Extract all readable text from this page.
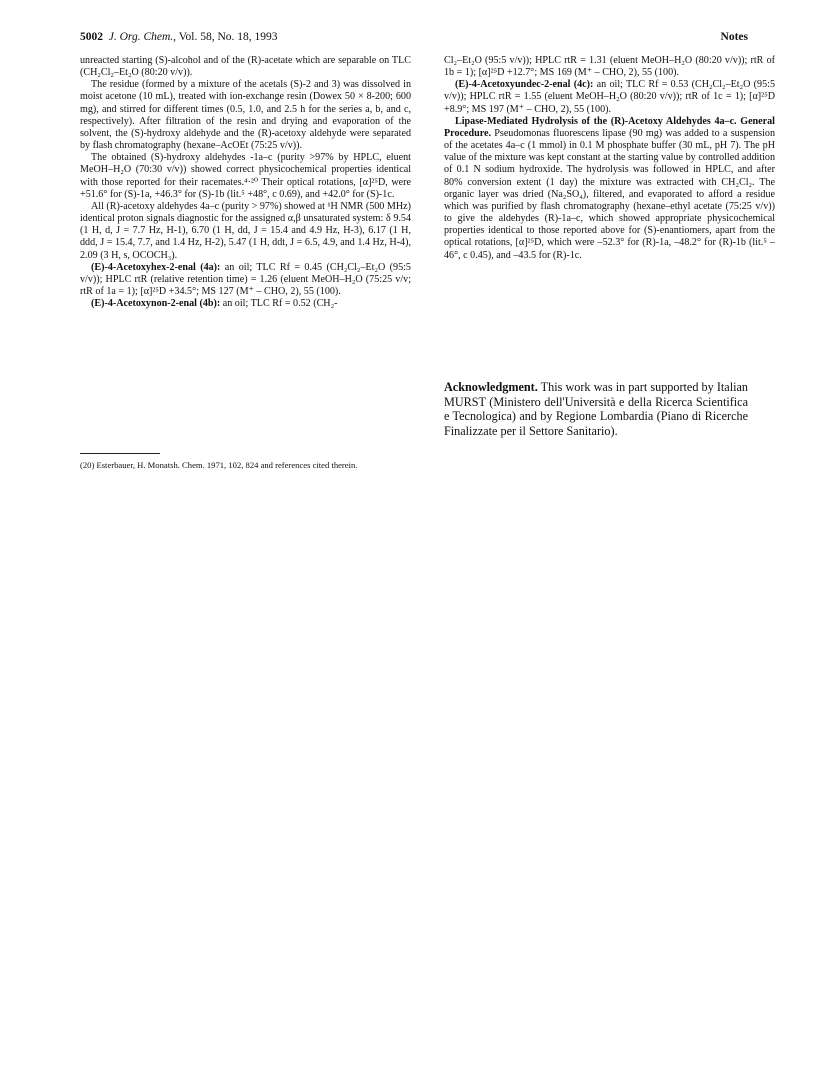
5002 J. Org. Chem., Vol. 58, No. 18, 1993	Notes

unreacted starting (S)-alcohol and of the (R)-acetate which are separable on TLC (CH₂Cl₂–Et₂O (80:20 v/v)).

The residue (formed by a mixture of the acetals (S)-2 and 3) was dissolved in moist acetone (10 mL), treated with ion-exchange resin (Dowex 50 × 8-200; 600 mg), and stirred for different times (0.5, 1.0, and 2.5 h for the series a, b, and c, respectively). After filtration of the resin and drying and evaporation of the solvent, the (S)-hydroxy aldehyde and the (R)-acetoxy aldehyde were separated by flash chromatography (hexane–AcOEt (75:25 v/v)).

The obtained (S)-hydroxy aldehydes -1a–c (purity >97% by HPLC, eluent MeOH–H₂O (70:30 v/v)) showed correct physicochemical properties identical with those reported for their racemates.⁴·²⁰ Their optical rotations, [α]²⁵D, were +51.6° for (S)-1a, +46.3° for (S)-1b (lit.⁵ +48°, c 0.69), and +42.0° for (S)-1c.

All (R)-acetoxy aldehydes 4a–c (purity > 97%) showed at ¹H NMR (500 MHz) identical proton signals diagnostic for the assigned α,β unsaturated system: δ 9.54 (1 H, d, J = 7.7 Hz, H-1), 6.70 (1 H, dd, J = 15.4 and 4.9 Hz, H-3), 6.17 (1 H, ddd, J = 15.4, 7.7, and 1.4 Hz, H-2), 5.47 (1 H, ddt, J = 6.5, 4.9, and 1.4 Hz, H-4), 2.09 (3 H, s, OCOCH₃).

(E)-4-Acetoxyhex-2-enal (4a): an oil; TLC Rf = 0.45 (CH₂Cl₂–Et₂O (95:5 v/v)); HPLC rtR (relative retention time) = 1.26 (eluent MeOH–H₂O (75:25 v/v; rtR of 1a = 1); [α]²⁵D +34.5°; MS 127 (M⁺ – CHO, 2), 55 (100).

(E)-4-Acetoxynon-2-enal (4b): an oil; TLC Rf = 0.52 (CH₂-

(20) Esterbauer, H. Monatsh. Chem. 1971, 102, 824 and references cited therein.

Cl₂–Et₂O (95:5 v/v)); HPLC rtR = 1.31 (eluent MeOH–H₂O (80:20 v/v)); rtR of 1b = 1); [α]²⁵D +12.7°; MS 169 (M⁺ – CHO, 2), 55 (100).

(E)-4-Acetoxyundec-2-enal (4c): an oil; TLC Rf = 0.53 (CH₂Cl₂–Et₂O (95:5 v/v)); HPLC rtR = 1.55 (eluent MeOH–H₂O (80:20 v/v)); rtR of 1c = 1); [α]²⁵D +8.9°; MS 197 (M⁺ – CHO, 2), 55 (100).

Lipase-Mediated Hydrolysis of the (R)-Acetoxy Aldehydes 4a–c. General Procedure. Pseudomonas fluorescens lipase (90 mg) was added to a suspension of the acetates 4a–c (1 mmol) in 0.1 M phosphate buffer (30 mL, pH 7). The pH value of the mixture was kept constant at the starting value by controlled addition of 0.1 N sodium hydroxide. The hydrolysis was followed in HPLC, and after 80% conversion extent (1 day) the mixture was extracted with CH₂Cl₂. The organic layer was dried (Na₂SO₄), filtered, and evaporated to afford a residue which was purified by flash chromatography (hexane–ethyl acetate (75:25 v/v)) to give the aldehydes (R)-1a–c, which showed appropriate physicochemical properties identical to those reported above for (S)-enantiomers, apart from the optical rotations, [α]²⁵D, which were –52.3° for (R)-1a, –48.2° for (R)-1b (lit.⁵ –46°, c 0.45), and –43.5 for (R)-1c.

Acknowledgment. This work was in part supported by Italian MURST (Ministero dell'Università e della Ricerca Scientifica e Tecnologica) and by Regione Lombardia (Piano di Ricerche Finalizzate per il Settore Sanitario).
